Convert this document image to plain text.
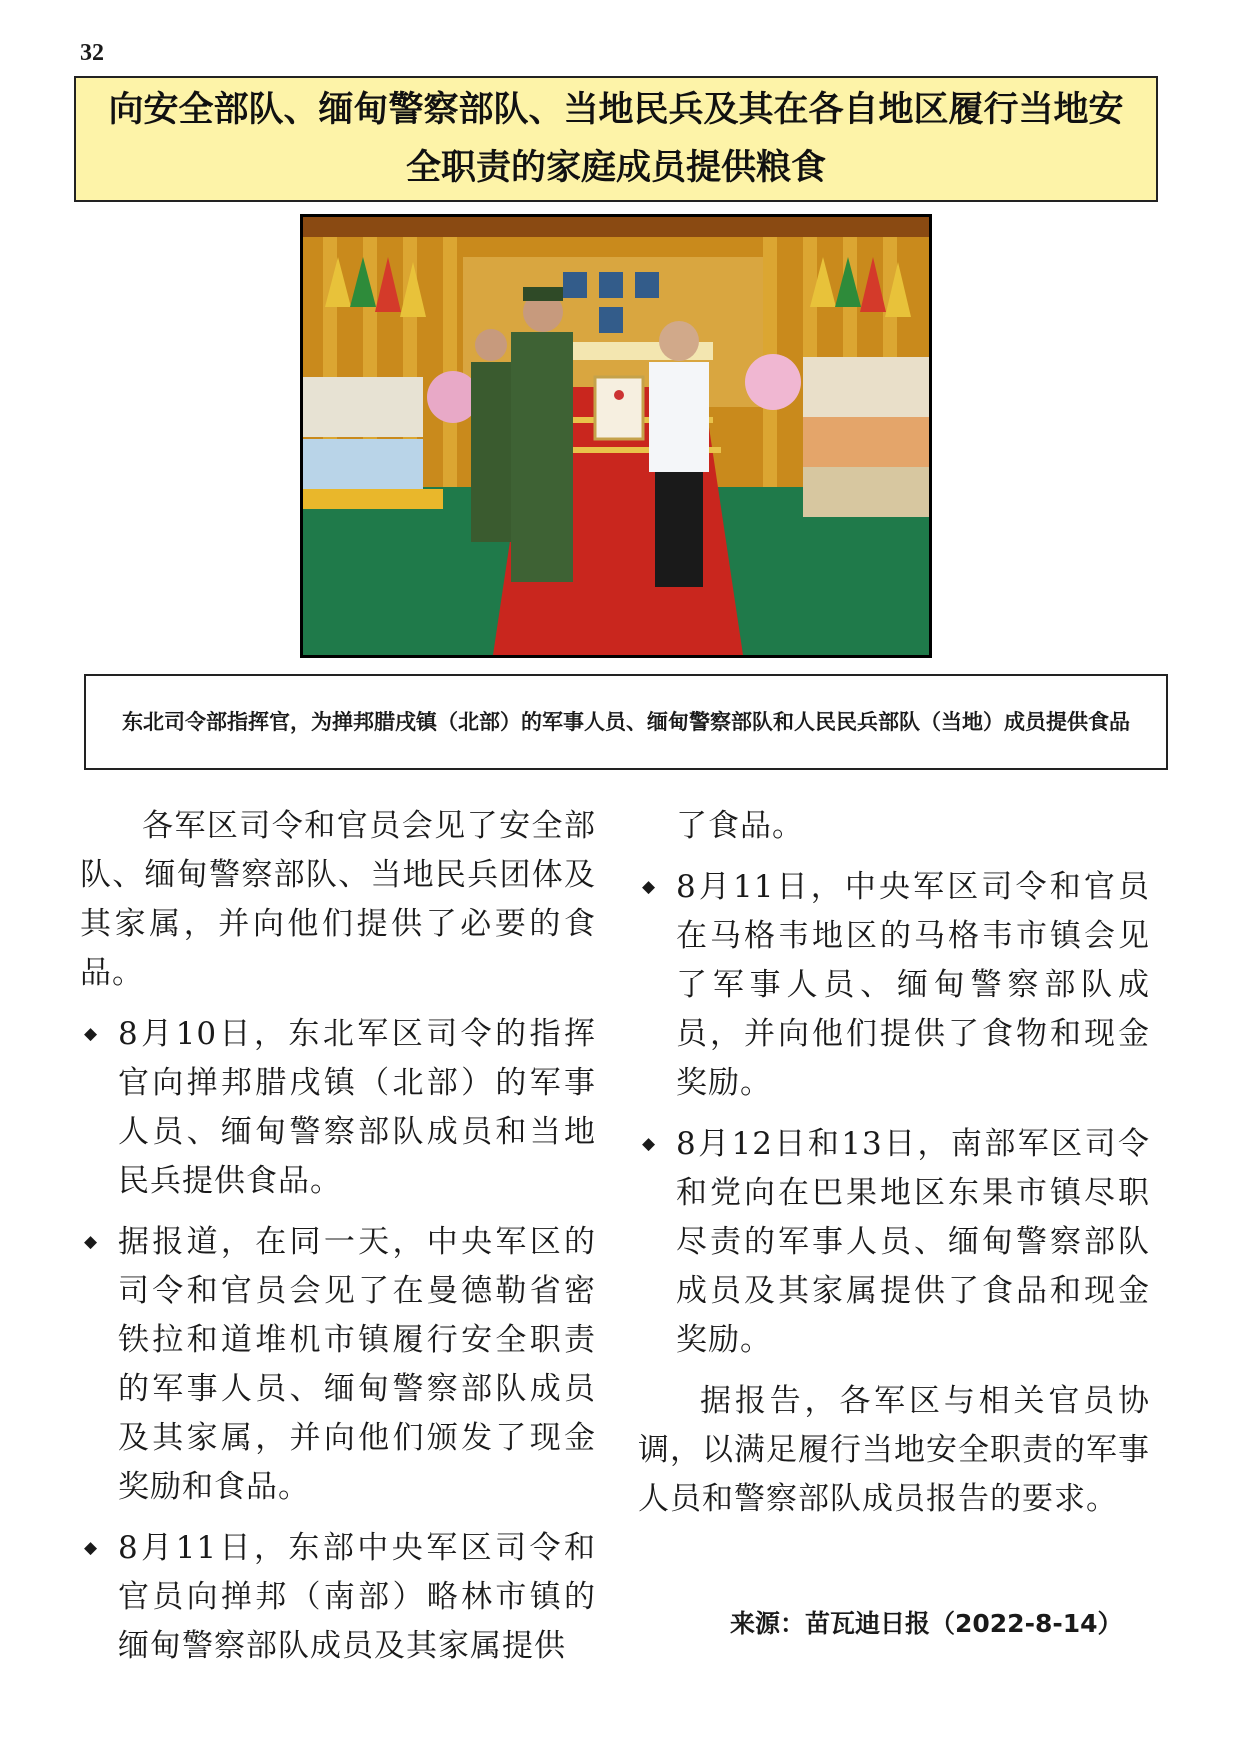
32
向安全部队、缅甸警察部队、当地民兵及其在各自地区履行当地安全职责的家庭成员提供粮食
东北司令部指挥官，为掸邦腊戌镇（北部）的军事人员、缅甸警察部队和人民民兵部队（当地）成员提供食品

各军区司令和官员会见了安全部队、缅甸警察部队、当地民兵团体及其家属，并向他们提供了必要的食品。

◆ 8月10日，东北军区司令的指挥官向掸邦腊戌镇（北部）的军事人员、缅甸警察部队成员和当地民兵提供食品。
◆ 据报道，在同一天，中央军区的司令和官员会见了在曼德勒省密铁拉和道堆机市镇履行安全职责的军事人员、缅甸警察部队成员及其家属，并向他们颁发了现金奖励和食品。
◆ 8月11日，东部中央军区司令和官员向掸邦（南部）略林市镇的缅甸警察部队成员及其家属提供

了食品。

◆ 8月11日，中央军区司令和官员在马格韦地区的马格韦市镇会见了军事人员、缅甸警察部队成员，并向他们提供了食物和现金奖励。
◆ 8月12日和13日，南部军区司令和党向在巴果地区东果市镇尽职尽责的军事人员、缅甸警察部队成员及其家属提供了食品和现金奖励。

据报告，各军区与相关官员协调，以满足履行当地安全职责的军事人员和警察部队成员报告的要求。

来源：苗瓦迪日报（2022-8-14）
